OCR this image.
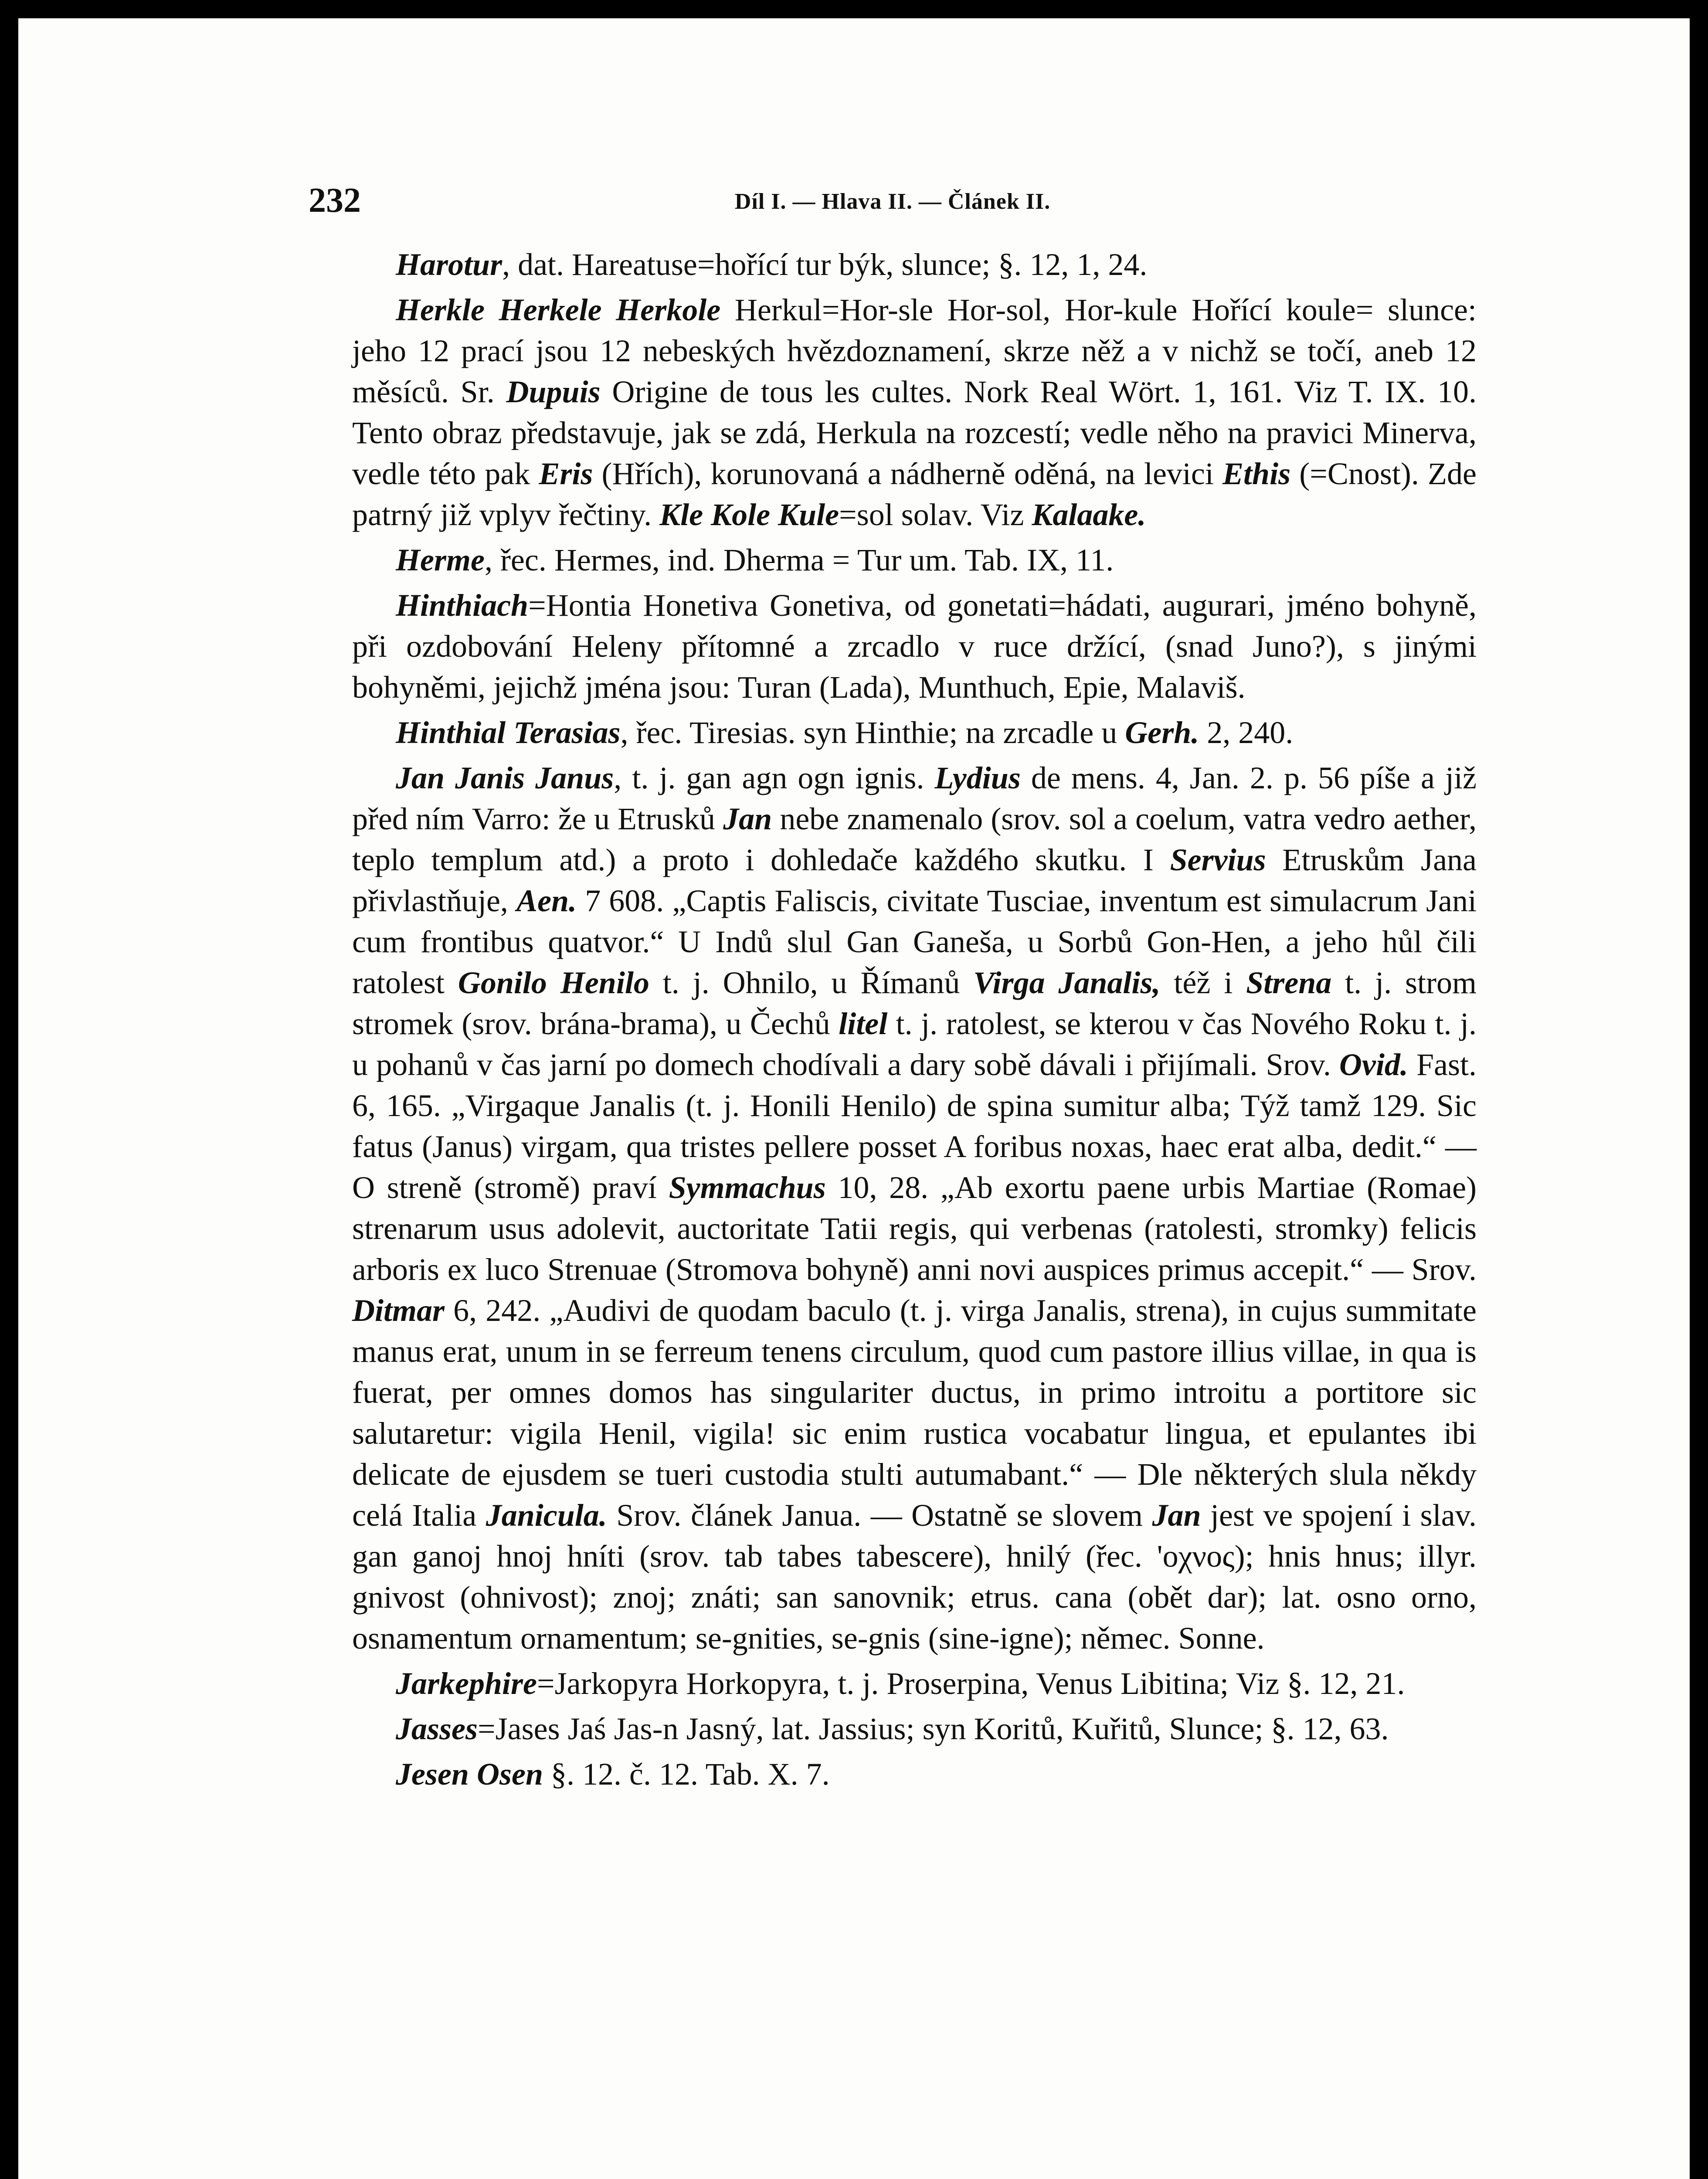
232	Díl I. — Hlava II. — Článek II.

Harotur, dat. Hareatuse=hořící tur býk, slunce; §. 12, 1, 24.

Herkle Herkele Herkole Herkul=Hor-sle Hor-sol, Hor-kule Hořící koule= slunce: jeho 12 prací jsou 12 nebeských hvězdoznamení, skrze něž a v nichž se točí, aneb 12 měsíců. Sr. Dupuis Origine de tous les cultes. Nork Real Wört. 1, 161. Viz T. IX. 10. Tento obraz představuje, jak se zdá, Herkula na rozcestí; vedle něho na pravici Minerva, vedle této pak Eris (Hřích), korunovaná a nádherně oděná, na levici Ethis (=Cnost). Zde patrný již vplyv řečtiny. Kle Kole Kule=sol solav. Viz Kalaake.

Herme, řec. Hermes, ind. Dherma = Tur um. Tab. IX, 11.

Hinthiach=Hontia Honetiva Gonetiva, od gonetati=hádati, augurari, jméno bohyně, při ozdobování Heleny přítomné a zrcadlo v ruce držící, (snad Juno?), s jinými bohyněmi, jejichž jména jsou: Turan (Lada), Munthuch, Epie, Malaviš.

Hinthial Terasias, řec. Tiresias. syn Hinthie; na zrcadle u Gerh. 2, 240.

Jan Janis Janus, t. j. gan agn ogn ignis. Lydius de mens. 4, Jan. 2. p. 56 píše a již před ním Varro: že u Etrusků Jan nebe znamenalo (srov. sol a coelum, vatra vedro aether, teplo templum atd.) a proto i dohledače každého skutku. I Servius Etruskům Jana přivlastňuje, Aen. 7 608. „Captis Faliscis, civitate Tusciae, inventum est simulacrum Jani cum frontibus quatvor.“ U Indů slul Gan Ganeša, u Sorbů Gon-Hen, a jeho hůl čili ratolest Gonilo Henilo t. j. Ohnilo, u Římanů Virga Janalis, též i Strena t. j. strom stromek (srov. brána-brama), u Čechů litel t. j. ratolest, se kterou v čas Nového Roku t. j. u pohanů v čas jarní po domech chodívali a dary sobě dávali i přijímali. Srov. Ovid. Fast. 6, 165. „Virgaque Janalis (t. j. Honili Henilo) de spina sumitur alba; Týž tamž 129. Sic fatus (Janus) virgam, qua tristes pellere posset A foribus noxas, haec erat alba, dedit.“ — O streně (stromě) praví Symmachus 10, 28. „Ab exortu paene urbis Martiae (Romae) strenarum usus adolevit, auctoritate Tatii regis, qui verbenas (ratolesti, stromky) felicis arboris ex luco Strenuae (Stromova bohyně) anni novi auspices primus accepit.“ — Srov. Ditmar 6, 242. „Audivi de quodam baculo (t. j. virga Janalis, strena), in cujus summitate manus erat, unum in se ferreum tenens circulum, quod cum pastore illius villae, in qua is fuerat, per omnes domos has singulariter ductus, in primo introitu a portitore sic salutaretur: vigila Henil, vigila! sic enim rustica vocabatur lingua, et epulantes ibi delicate de ejusdem se tueri custodia stulti autumabant.“ — Dle některých slula někdy celá Italia Janicula. Srov. článek Janua. — Ostatně se slovem Jan jest ve spojení i slav. gan ganoj hnoj hníti (srov. tab tabes tabescere), hnilý (řec. 'οχνος); hnis hnus; illyr. gnivost (ohnivost); znoj; znáti; san sanovnik; etrus. cana (obět dar); lat. osno orno, osnamentum ornamentum; se-gnities, se-gnis (sine-igne); němec. Sonne.

Jarkephire=Jarkopyra Horkopyra, t. j. Proserpina, Venus Libitina; Viz §. 12, 21.

Jasses=Jases Jaś Jas-n Jasný, lat. Jassius; syn Koritů, Kuřitů, Slunce; §. 12, 63.

Jesen Osen §. 12. č. 12. Tab. X. 7.
